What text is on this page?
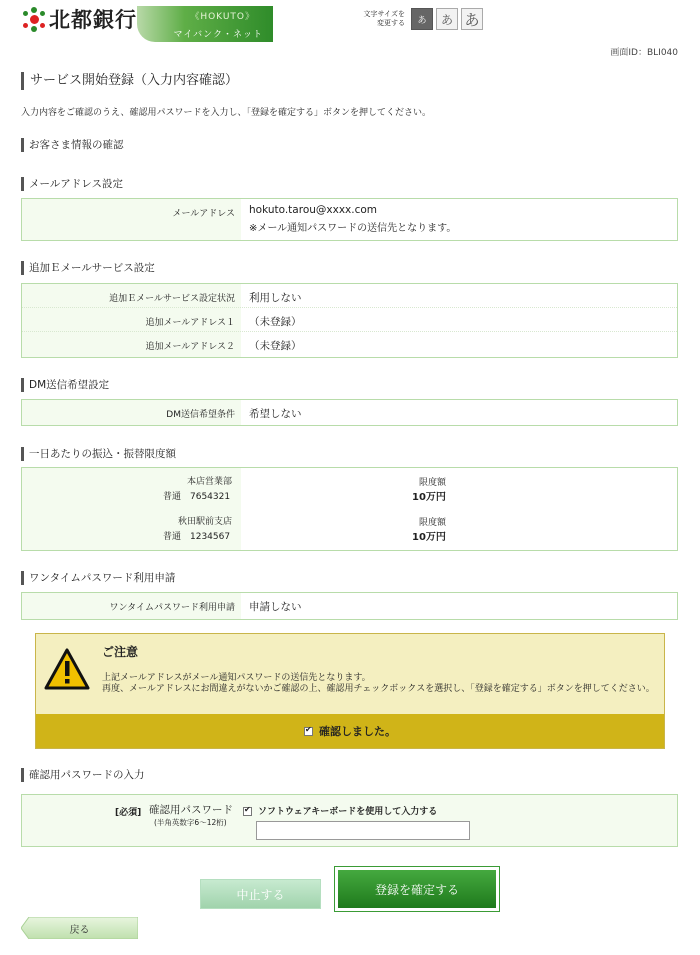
北都銀行	《HOKUTO》
マイバンク・ネット
文字サイズを 変更する	あ	あ あ
画面ID：BLI040
サービス開始登録（入力内容確認）
入力内容をご確認のうえ、確認用パスワードを入力し、「登録を確定する」ボタンを押してください。
お客さま情報の確認
メールアドレス設定
メールアドレス hokuto.tarou@xxxx.com
※メール通知パスワードの送信先となります。
追加Ｅメールサービス設定
追加Ｅメールサービス設定状況 利用しない
追加メールアドレス１ （未登録）
追加メールアドレス２ （未登録）
DM送信希望設定
DM送信希望条件 希望しない
一日あたりの振込・振替限度額
本店営業部
普通　7654321
限度額
10万円
秋田駅前支店
普通　1234567
限度額
10万円
ワンタイムパスワード利用申請
ワンタイムパスワード利用申請 申請しない
ご注意
上記メールアドレスがメール通知パスワードの送信先となります。
再度、メールアドレスにお間違えがないかご確認の上、確認用チェックボックスを選択し、「登録を確定する」ボタンを押してください。
✔
確認しました。
確認用パスワードの入力
[必須] 確認用パスワード
(半角英数字6〜12桁)
✔ソフトウェアキーボードを使用して入力する
中止する	登録を確定する
戻る
